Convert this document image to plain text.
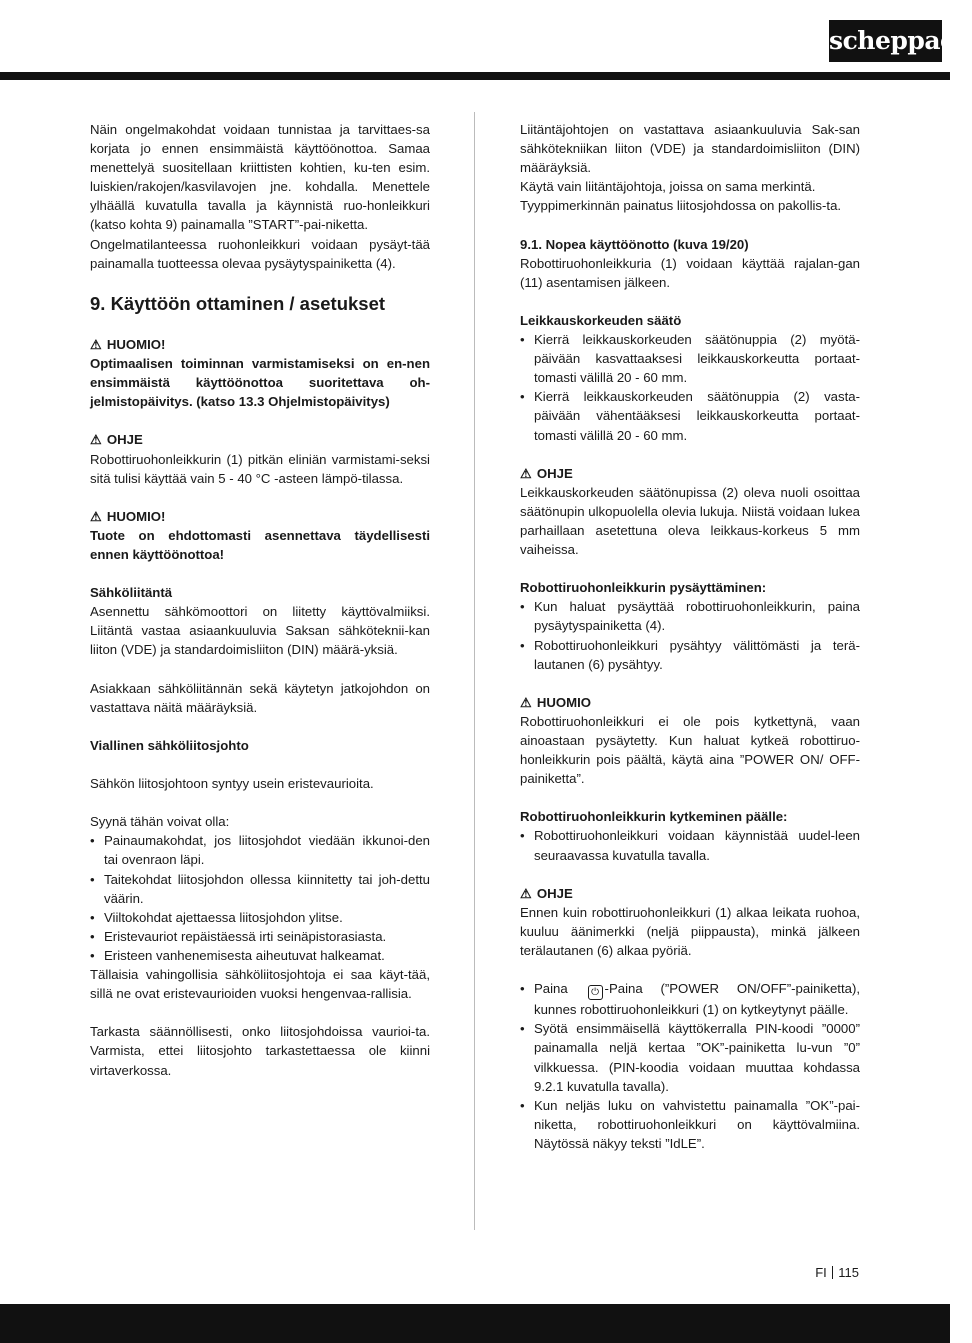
scheppach

Näin ongelmakohdat voidaan tunnistaa ja tarvittaes-sa korjata jo ennen ensimmäistä käyttöönottoa. Samaa menettelyä suositellaan kriittisten kohtien, ku-ten esim. luiskien/rakojen/kasvilavojen jne. kohdalla. Menettele ylhäällä kuvatulla tavalla ja käynnistä ruo-honleikkuri (katso kohta 9) painamalla ”START”-pai-niketta.

Ongelmatilanteessa ruohonleikkuri voidaan pysäyt-tää painamalla tuotteessa olevaa pysäytyspainiketta (4).

9. Käyttöön ottaminen / asetukset

⚠ HUOMIO!

Optimaalisen toiminnan varmistamiseksi on en-nen ensimmäistä käyttöönottoa suoritettava oh-jelmistopäivitys. (katso 13.3 Ohjelmistopäivitys)

⚠ OHJE

Robottiruohonleikkurin (1) pitkän eliniän varmistami-seksi sitä tulisi käyttää vain 5 - 40 °C -asteen lämpö-tilassa.

⚠ HUOMIO!

Tuote on ehdottomasti asennettava täydellisesti ennen käyttöönottoa!

Sähköliitäntä

Asennettu sähkömoottori on liitetty käyttövalmiiksi. Liitäntä vastaa asiaankuuluvia Saksan sähköteknii-kan liiton (VDE) ja standardoimisliiton (DIN) määrä-yksiä.

Asiakkaan sähköliitännän sekä käytetyn jatkojohdon on vastattava näitä määräyksiä.

Viallinen sähköliitosjohto

Sähkön liitosjohtoon syntyy usein eristevaurioita.

Syynä tähän voivat olla:

• Painaumakohdat, jos liitosjohdot viedään ikkunoi-den tai ovenraon läpi.
• Taitekohdat liitosjohdon ollessa kiinnitetty tai joh-dettu väärin.
• Viiltokohdat ajettaessa liitosjohdon ylitse.
• Eristevauriot repäistäessä irti seinäpistorasiasta.
• Eristeen vanhenemisesta aiheutuvat halkeamat.

Tällaisia vahingollisia sähköliitosjohtoja ei saa käyt-tää, sillä ne ovat eristevaurioiden vuoksi hengenvaa-rallisia.

Tarkasta säännöllisesti, onko liitosjohdoissa vaurioi-ta. Varmista, ettei liitosjohto tarkastettaessa ole kiinni virtaverkossa.

Liitäntäjohtojen on vastattava asiaankuuluvia Sak-san sähkötekniikan liiton (VDE) ja standardoimisliiton (DIN) määräyksiä.

Käytä vain liitäntäjohtoja, joissa on sama merkintä.

Tyyppimerkinnän painatus liitosjohdossa on pakollis-ta.

9.1. Nopea käyttöönotto (kuva 19/20)

Robottiruohonleikkuria (1) voidaan käyttää rajalan-gan (11) asentamisen jälkeen.

Leikkauskorkeuden säätö

• Kierrä leikkauskorkeuden säätönuppia (2) myötä-päivään kasvattaaksesi leikkauskorkeutta portaat-tomasti välillä 20 - 60 mm.
• Kierrä leikkauskorkeuden säätönuppia (2) vasta-päivään vähentääksesi leikkauskorkeutta portaat-tomasti välillä 20 - 60 mm.

⚠ OHJE

Leikkauskorkeuden säätönupissa (2) oleva nuoli osoittaa säätönupin ulkopuolella olevia lukuja. Niistä voidaan lukea parhaillaan asetettuna oleva leikkaus-korkeus 5 mm vaiheissa.

Robottiruohonleikkurin pysäyttäminen:

• Kun haluat pysäyttää robottiruohonleikkurin, paina pysäytyspainiketta (4).
• Robottiruohonleikkuri pysähtyy välittömästi ja terä-lautanen (6) pysähtyy.

⚠ HUOMIO

Robottiruohonleikkuri ei ole pois kytkettynä, vaan ainoastaan pysäytetty. Kun haluat kytkeä robottiruo-honleikkurin pois päältä, käytä aina ”POWER ON/ OFF-painiketta”.

Robottiruohonleikkurin kytkeminen päälle:

• Robottiruohonleikkuri voidaan käynnistää uudel-leen seuraavassa kuvatulla tavalla.

⚠ OHJE

Ennen kuin robottiruohonleikkuri (1) alkaa leikata ruohoa, kuuluu äänimerkki (neljä piippausta), minkä jälkeen terälautanen (6) alkaa pyöriä.

• Paina ⏻ -Paina (”POWER ON/OFF”-painiketta), kunnes robottiruohonleikkuri (1) on kytkeytynyt päälle.
• Syötä ensimmäisellä käyttökerralla PIN-koodi ”0000” painamalla neljä kertaa ”OK”-painiketta lu-vun ”0” vilkkuessa. (PIN-koodia voidaan muuttaa kohdassa 9.2.1 kuvatulla tavalla).
• Kun neljäs luku on vahvistettu painamalla ”OK”-pai-niketta, robottiruohonleikkuri on käyttövalmiina. Näytössä näkyy teksti ”IdLE”.
FI 115
